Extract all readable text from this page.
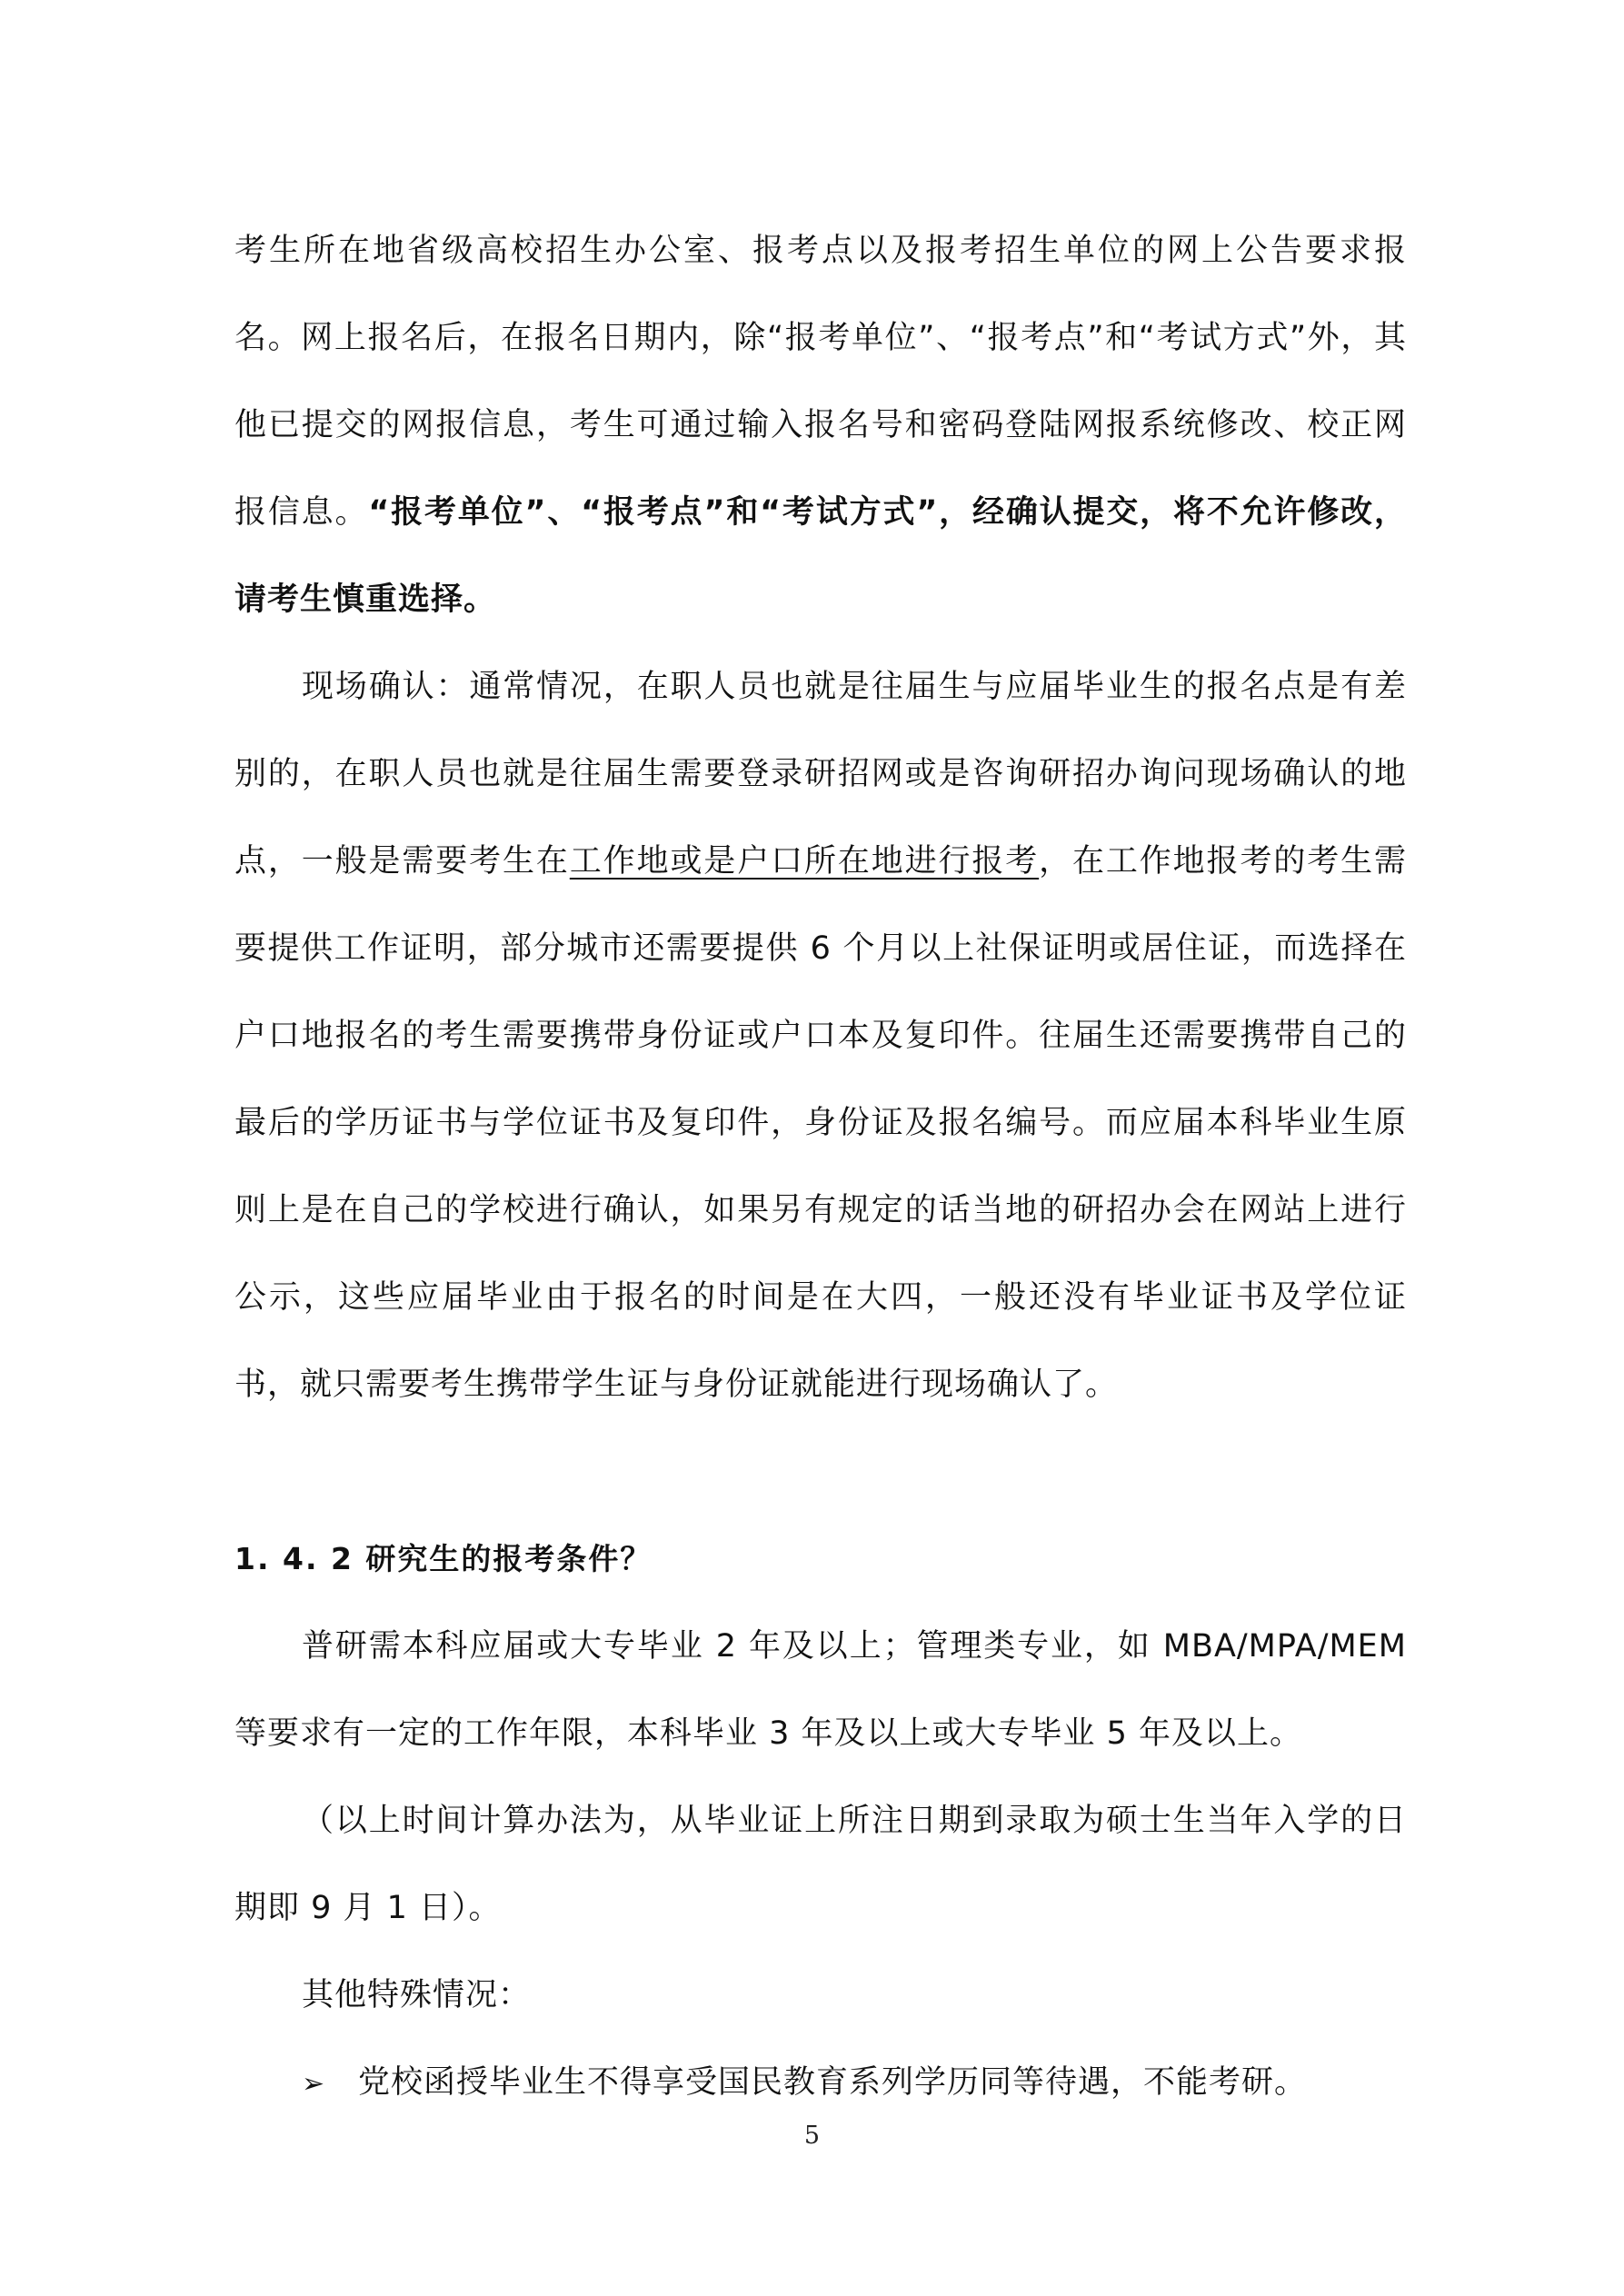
考生所在地省级高校招生办公室、报考点以及报考招生单位的网上公告要求报名。网上报名后，在报名日期内，除“报考单位”、“报考点”和“考试方式”外，其他已提交的网报信息，考生可通过输入报名号和密码登陆网报系统修改、校正网报信息。“报考单位”、“报考点”和“考试方式”，经确认提交，将不允许修改，请考生慎重选择。

现场确认：通常情况，在职人员也就是往届生与应届毕业生的报名点是有差别的，在职人员也就是往届生需要登录研招网或是咨询研招办询问现场确认的地点，一般是需要考生在工作地或是户口所在地进行报考，在工作地报考的考生需要提供工作证明，部分城市还需要提供 6 个月以上社保证明或居住证，而选择在户口地报名的考生需要携带身份证或户口本及复印件。往届生还需要携带自己的最后的学历证书与学位证书及复印件，身份证及报名编号。而应届本科毕业生原则上是在自己的学校进行确认，如果另有规定的话当地的研招办会在网站上进行公示，这些应届毕业由于报名的时间是在大四，一般还没有毕业证书及学位证书，就只需要考生携带学生证与身份证就能进行现场确认了。

1. 4. 2 研究生的报考条件？

普研需本科应届或大专毕业 2 年及以上；管理类专业，如 MBA/MPA/MEM 等要求有一定的工作年限，本科毕业 3 年及以上或大专毕业 5 年及以上。

（以上时间计算办法为，从毕业证上所注日期到录取为硕士生当年入学的日期即 9 月 1 日）。

其他特殊情况：

➢	党校函授毕业生不得享受国民教育系列学历同等待遇，不能考研。

5
